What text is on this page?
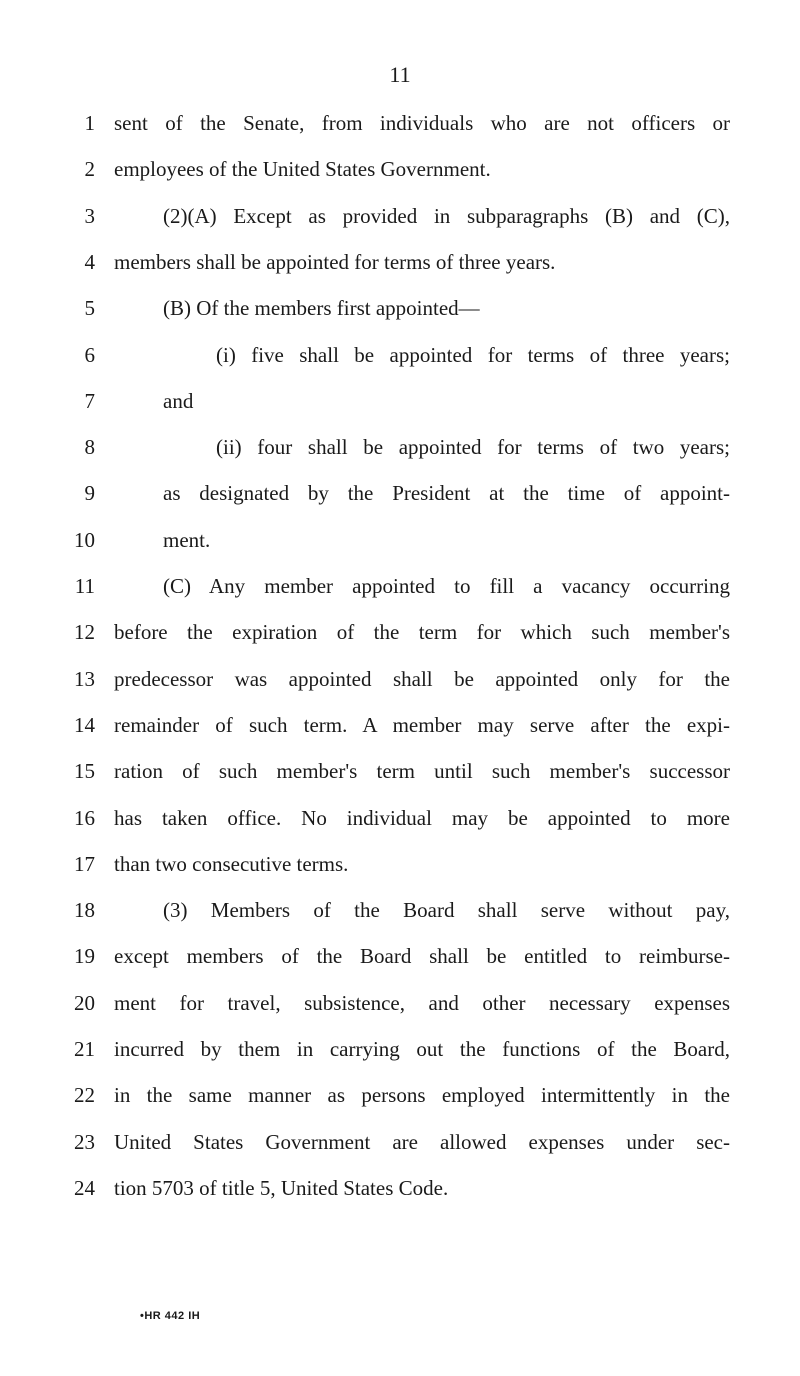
11
1 sent of the Senate, from individuals who are not officers or
2 employees of the United States Government.
3	(2)(A) Except as provided in subparagraphs (B) and (C),
4 members shall be appointed for terms of three years.
5	(B) Of the members first appointed—
6	(i) five shall be appointed for terms of three years;
7	and
8	(ii) four shall be appointed for terms of two years;
9	as designated by the President at the time of appoint-
10	ment.
11	(C) Any member appointed to fill a vacancy occurring
12 before the expiration of the term for which such member's
13 predecessor was appointed shall be appointed only for the
14 remainder of such term. A member may serve after the expi-
15 ration of such member's term until such member's successor
16 has taken office. No individual may be appointed to more
17 than two consecutive terms.
18	(3) Members of the Board shall serve without pay,
19 except members of the Board shall be entitled to reimburse-
20 ment for travel, subsistence, and other necessary expenses
21 incurred by them in carrying out the functions of the Board,
22 in the same manner as persons employed intermittently in the
23 United States Government are allowed expenses under sec-
24 tion 5703 of title 5, United States Code.
•HR 442 IH
